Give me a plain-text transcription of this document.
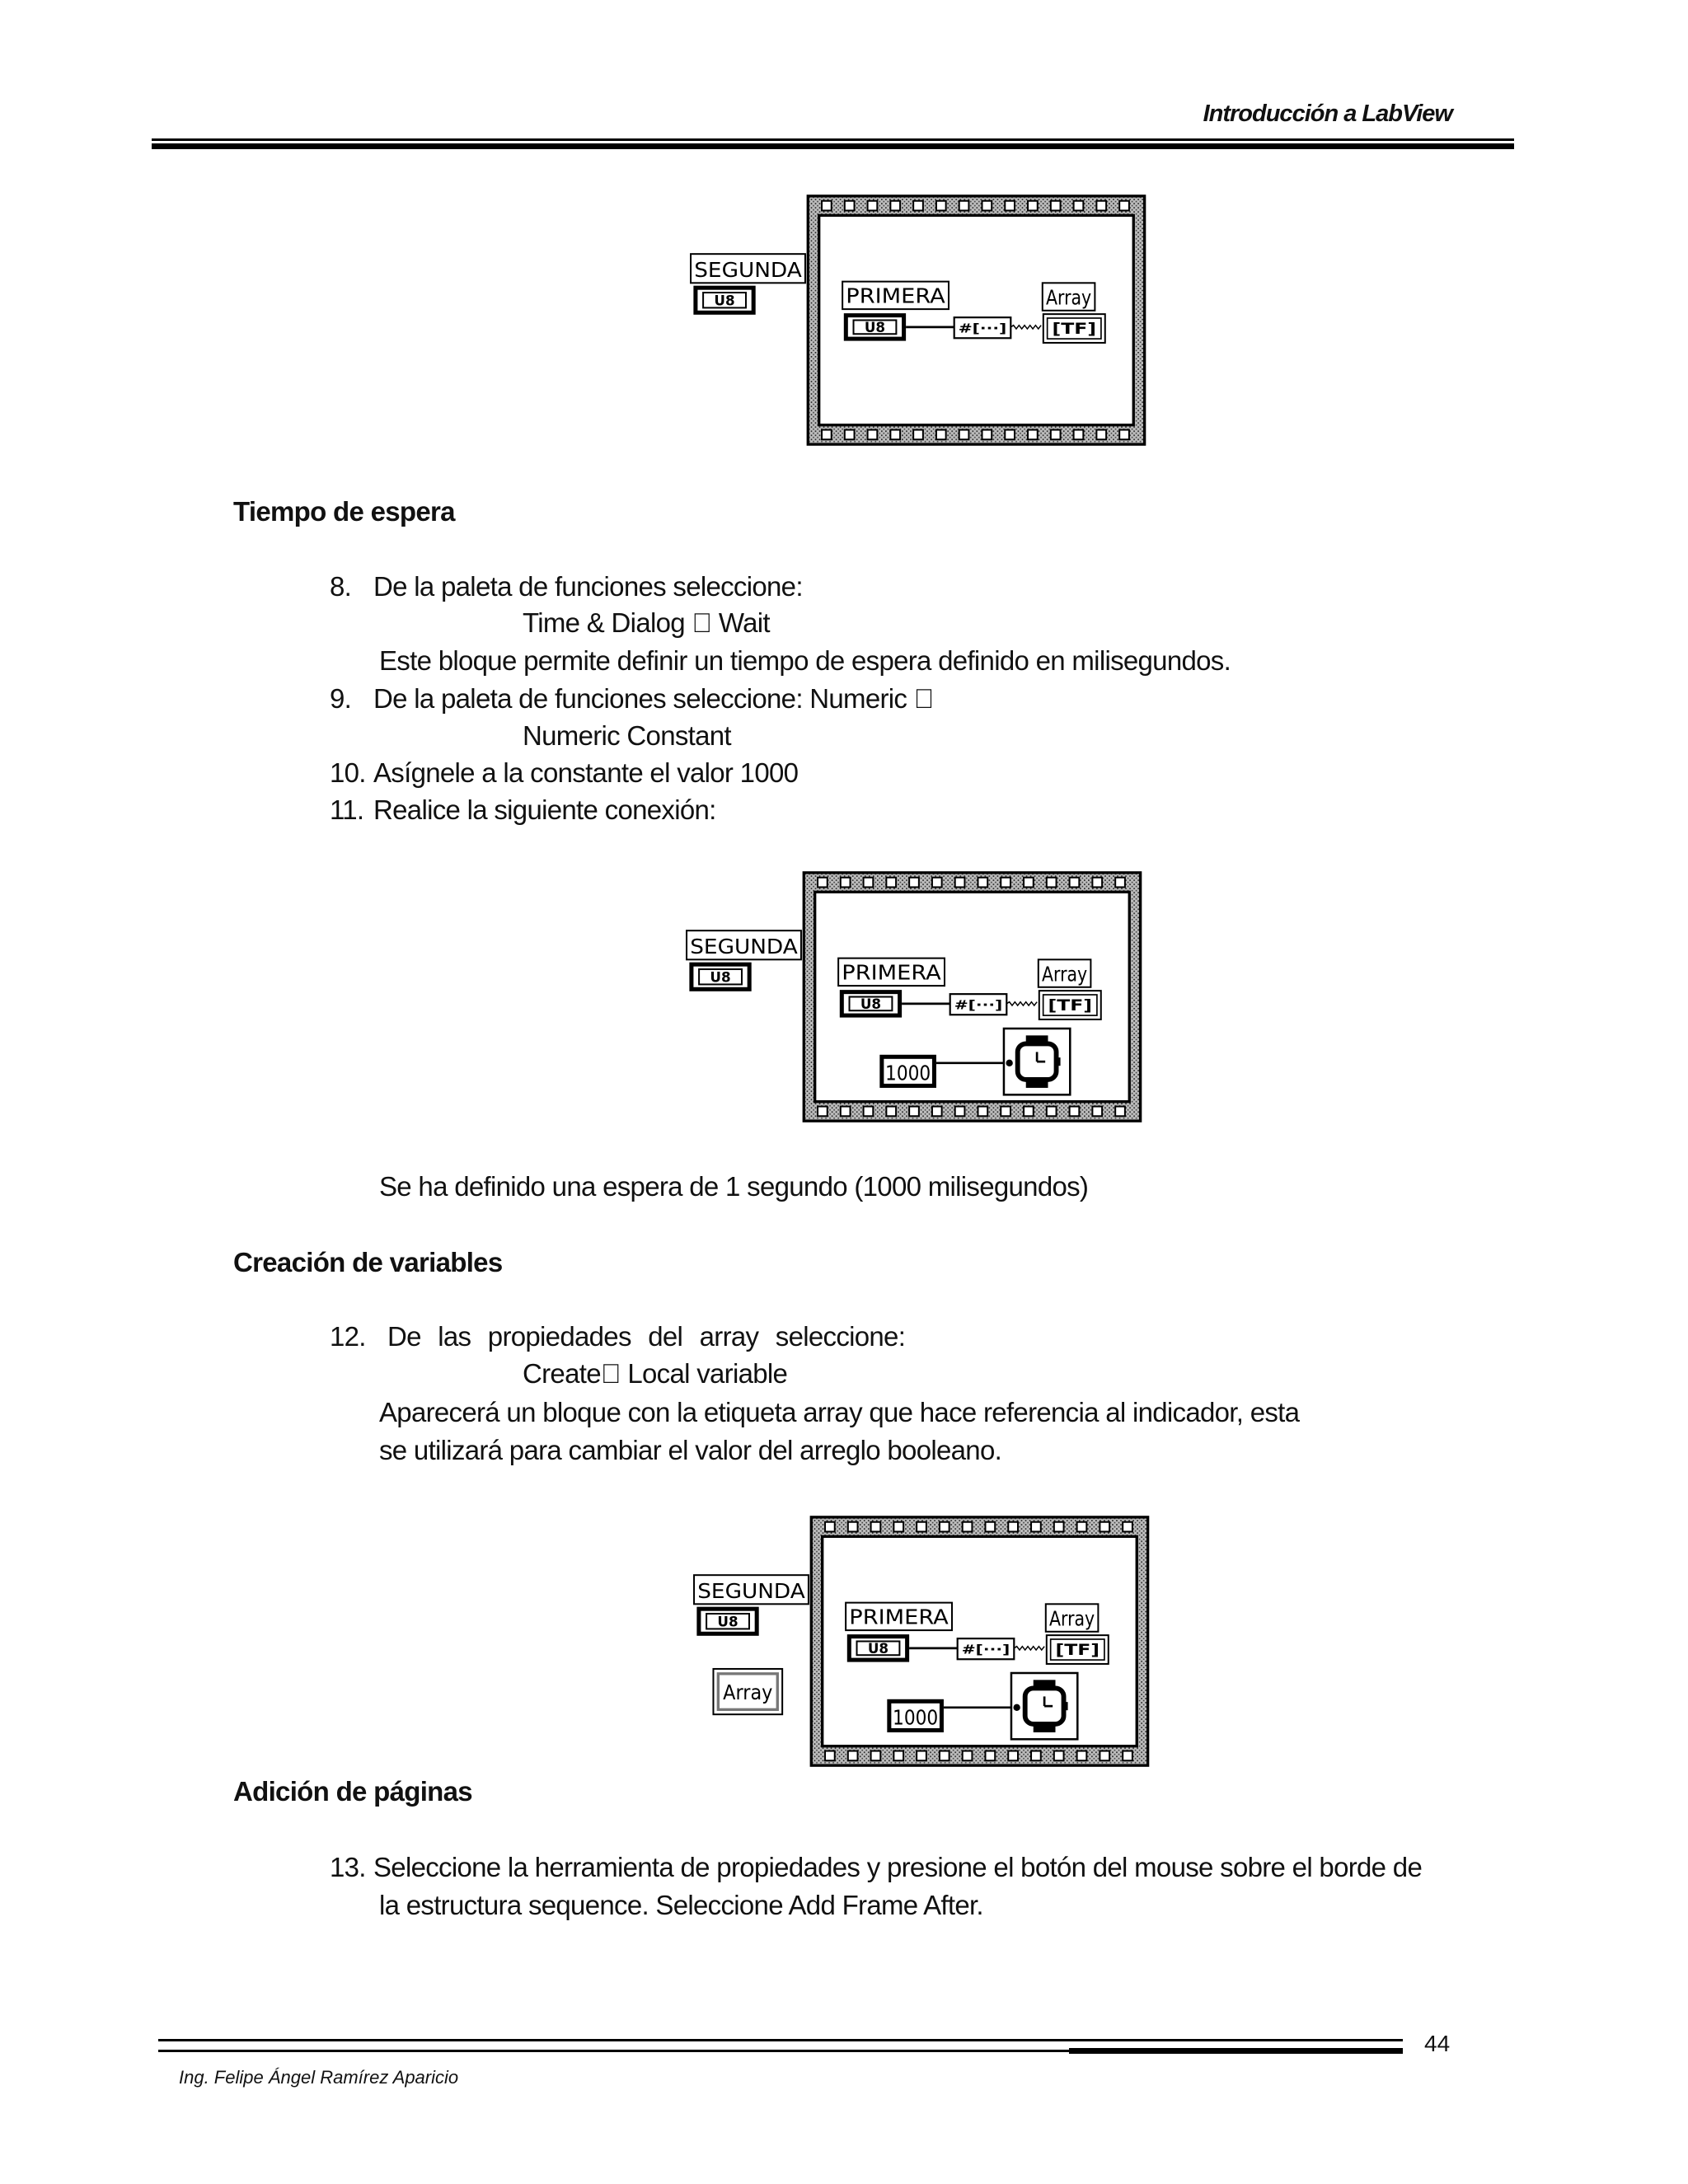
Introducción a LabView
SEGUNDA
U8	PRIMERA
U8	#[···]
Array
[TF]
Tiempo de espera
8. De la paleta de funciones seleccione:
Time & Dialog Wait
Este bloque permite definir un tiempo de espera definido en milisegundos.
9. De la paleta de funciones seleccione: Numeric
Numeric Constant
10. Asígnele a la constante el valor 1000
11. Realice la siguiente conexión:
SEGUNDA
U8	PRIMERA
U8	#[···]
Array
[TF]
1000
Se ha definido una espera de 1 segundo (1000 milisegundos)
Creación de variables
12. De las propiedades del array seleccione:
Create Local variable
Aparecerá un bloque con la etiqueta array que hace referencia al indicador, esta
se utilizará para cambiar el valor del arreglo booleano.
SEGUNDA
U8	PRIMERA
U8	#[···]
Array
[TF]
1000
Array
Adición de páginas
13. Seleccione la herramienta de propiedades y presione el botón del mouse sobre el borde de
la estructura sequence. Seleccione Add Frame After.
44
Ing. Felipe Ángel Ramírez Aparicio
